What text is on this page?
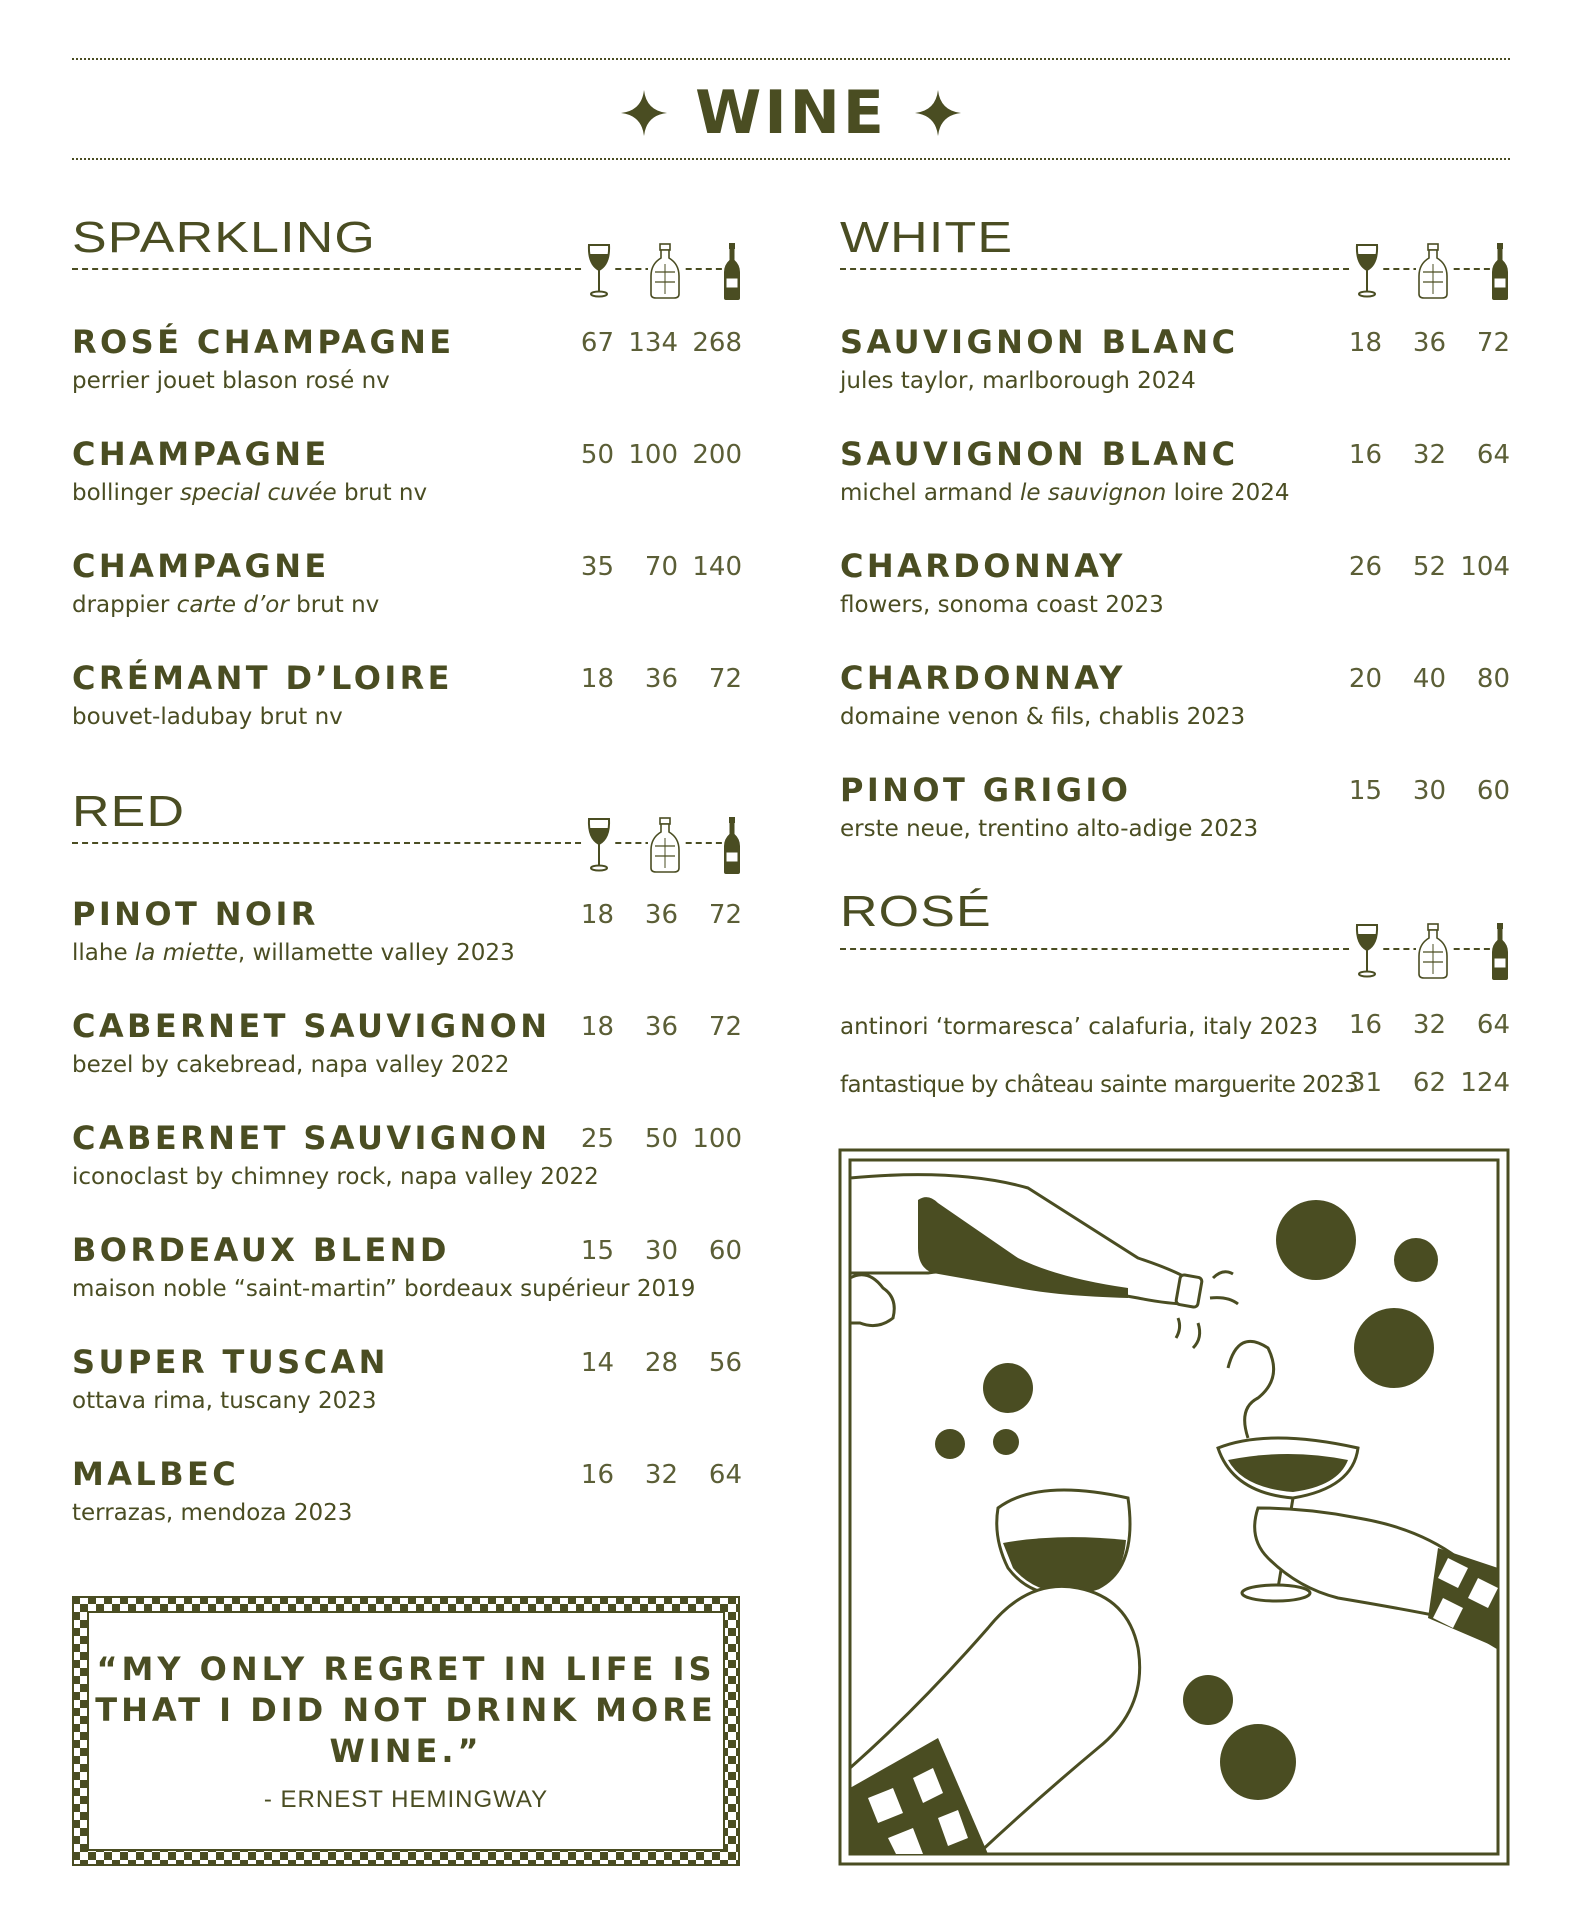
WINE
SPARKLING
ROSÉ CHAMPAGNE
perrier jouet blason rosé nv
67 134 268
CHAMPAGNE
bollinger special cuvée brut nv
50 100 200
CHAMPAGNE
drappier carte d’or brut nv
35 70 140
CRÉMANT D’LOIRE
bouvet-ladubay brut nv
18 36 72
RED
PINOT NOIR
llahe la miette, willamette valley 2023
18 36 72
CABERNET SAUVIGNON
bezel by cakebread, napa valley 2022
18 36 72
CABERNET SAUVIGNON
iconoclast by chimney rock, napa valley 2022
25 50 100
BORDEAUX BLEND
maison noble “saint-martin” bordeaux supérieur 2019
15 30 60
SUPER TUSCAN
ottava rima, tuscany 2023
14 28 56
MALBEC
terrazas, mendoza 2023
16 32 64
WHITE
SAUVIGNON BLANC
jules taylor, marlborough 2024
18 36 72
SAUVIGNON BLANC
michel armand le sauvignon loire 2024
16 32 64
CHARDONNAY
flowers, sonoma coast 2023
26 52 104
CHARDONNAY
domaine venon & fils, chablis 2023
20 40 80
PINOT GRIGIO
erste neue, trentino alto-adige 2023
15 30 60
ROSÉ
antinori ‘tormaresca’ calafuria, italy 2023 16 32 64
fantastique by château sainte marguerite 2023
31 62 124
“MY ONLY REGRET IN LIFE IS THAT I DID NOT DRINK MORE WINE.”
- ERNEST HEMINGWAY
